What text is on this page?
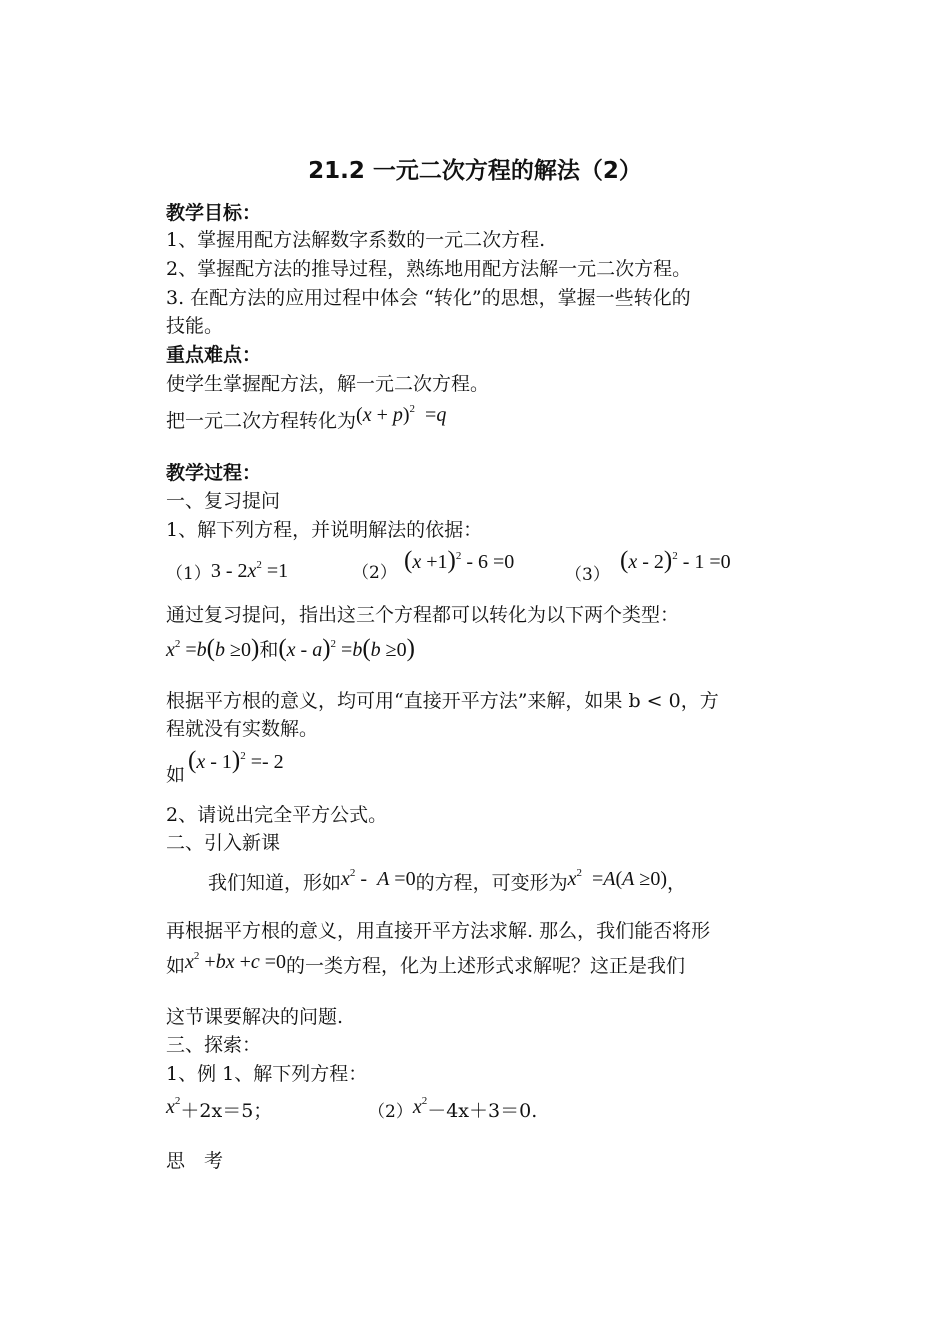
21.2 一元二次方程的解法（2）
教学目标：
1、掌握用配方法解数字系数的一元二次方程.
2、掌握配方法的推导过程，熟练地用配方法解一元二次方程。
3. 在配方法的应用过程中体会 “转化”的思想，掌握一些转化的
技能。
重点难点：
使学生掌握配方法，解一元二次方程。
把一元二次方程转化为$(x + p)^2 =q$
教学过程：
一、复习提问
1、解下列方程，并说明解法的依据：
$(1)3 - 2x^2 =1$	（2） $(x +1)^2 - 6 =0$
（3）
(x - 2)$^2$ - 1 =0
通过复习提问，指出这三个方程都可以转化为以下两个类型：
$x^2 =b(b \ge 0)$和(x - a)$^2$ =b(b ≥0)
根据平方根的意义，均可用“直接开平方法”来解，如果 b < 0，方
程就没有实数解。
如
(x - 1)$^2$ =- 2
2、请说出完全平方公式。
二、引入新课
我们知道，形如$x^2 - A =0$的方程，可变形为$x^2 =A(A \ge 0)$，
再根据平方根的意义，用直接开平方法求解. 那么，我们能否将形
如$x^2 +bx +c =0$的一类方程，化为上述形式求解呢？这正是我们
这节课要解决的问题.
三、探索：
1、例 1、解下列方程：
$x^2+2x=5$；	$(2)x^2-4x+3=0$.
思　考
